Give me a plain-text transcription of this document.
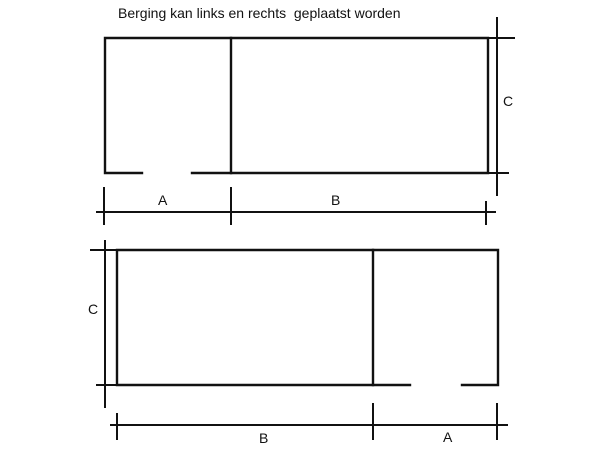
Berging kan links en rechts  geplaatst worden
A	B
C
C
B	A
